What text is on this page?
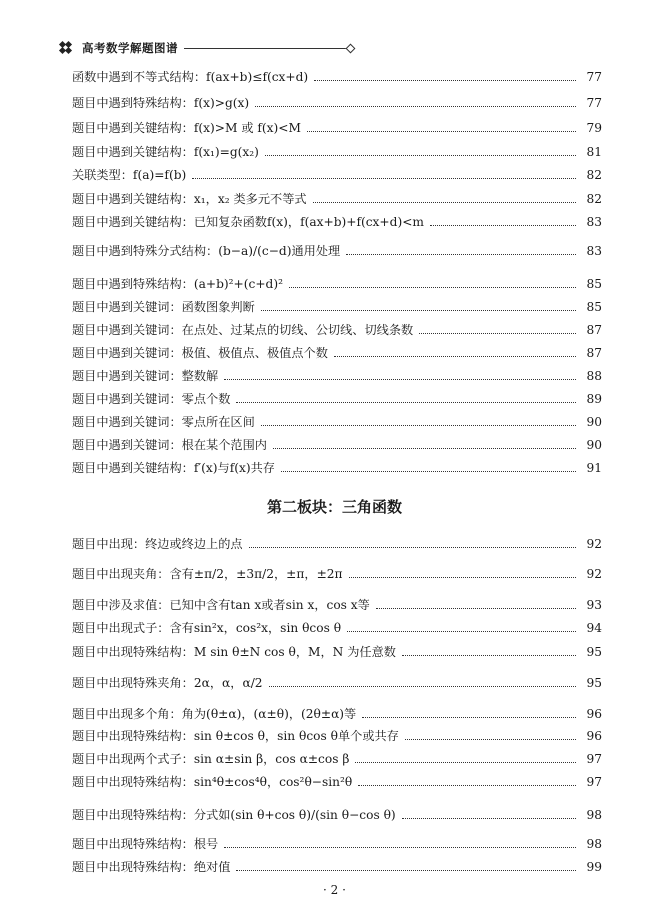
高考数学解题图谱
函数中遇到不等式结构：f(ax+b)≤f(cx+d)	77
题目中遇到特殊结构：f(x)>g(x)	77
题目中遇到关键结构：f(x)>M 或 f(x)<M	79
题目中遇到关键结构：f(x₁)=g(x₂)	81
关联类型：f(a)=f(b)	82
题目中遇到关键结构：x₁，x₂ 类多元不等式	82
题目中遇到关键结构：已知复杂函数f(x)，f(ax+b)+f(cx+d)<m	83
题目中遇到特殊分式结构：(b−a)/(c−d)通用处理	83
题目中遇到特殊结构：(a+b)²+(c+d)²	85
题目中遇到关键词：函数图象判断	85
题目中遇到关键词：在点处、过某点的切线、公切线、切线条数	87
题目中遇到关键词：极值、极值点、极值点个数	87
题目中遇到关键词：整数解	88
题目中遇到关键词：零点个数	89
题目中遇到关键词：零点所在区间	90
题目中遇到关键词：根在某个范围内	90
题目中遇到关键结构：f′(x)与f(x)共存	91
第二板块：三角函数
题目中出现：终边或终边上的点	92
题目中出现夹角：含有±π/2，±3π/2，±π，±2π	92
题目中涉及求值：已知中含有tan x或者sin x，cos x等	93
题目中出现式子：含有sin²x，cos²x，sin θcos θ	94
题目中出现特殊结构：M sin θ±N cos θ，M，N 为任意数	95
题目中出现特殊夹角：2α，α，α/2	95
题目中出现多个角：角为(θ±α)，(α±θ)，(2θ±α)等	96
题目中出现特殊结构：sin θ±cos θ，sin θcos θ单个或共存	96
题目中出现两个式子：sin α±sin β，cos α±cos β	97
题目中出现特殊结构：sin⁴θ±cos⁴θ，cos²θ−sin²θ	97
题目中出现特殊结构：分式如(sin θ+cos θ)/(sin θ−cos θ)	98
题目中出现特殊结构：根号	98
题目中出现特殊结构：绝对值	99
· 2 ·
